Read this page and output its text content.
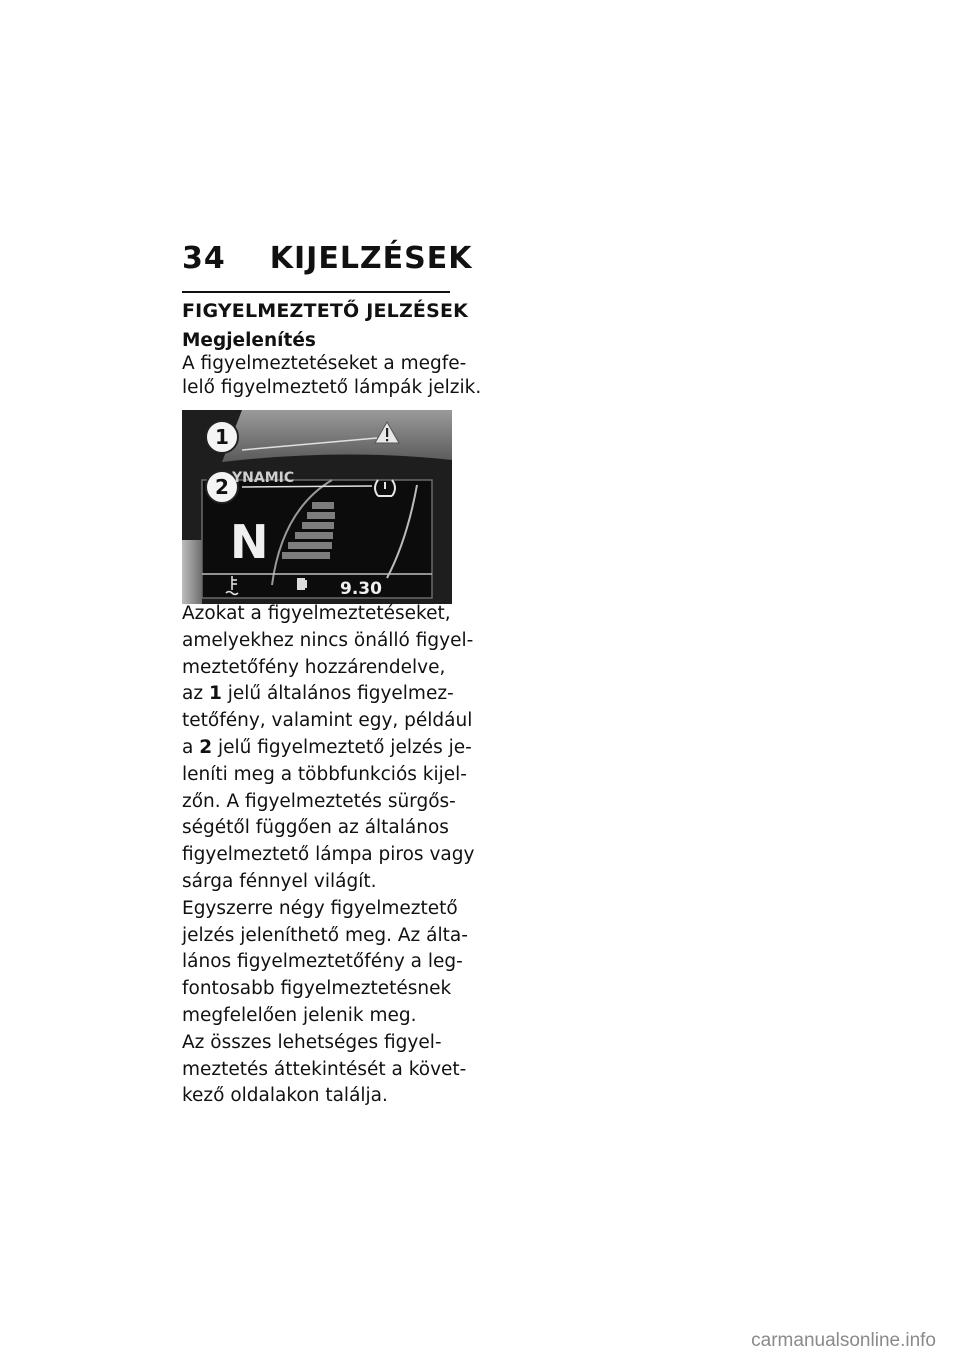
34 KIJELZÉSEK
FIGYELMEZTETŐ JELZÉSEK
Megjelenítés
A figyelmeztetéseket a megfe-
lelő figyelmeztető lámpák jelzik.
1
2 YNAMIC
N
9.30
Azokat a figyelmeztetéseket,
amelyekhez nincs önálló figyel-
meztetőfény hozzárendelve,
az 1 jelű általános figyelmez-
tetőfény, valamint egy, például
a 2 jelű figyelmeztető jelzés je-
leníti meg a többfunkciós kijel-
zőn. A figyelmeztetés sürgős-
ségétől függően az általános
figyelmeztető lámpa piros vagy
sárga fénnyel világít.
Egyszerre négy figyelmeztető
jelzés jeleníthető meg. Az álta-
lános figyelmeztetőfény a leg-
fontosabb figyelmeztetésnek
megfelelően jelenik meg.
Az összes lehetséges figyel-
meztetés áttekintését a követ-
kező oldalakon találja.
carmanualsonline.info
